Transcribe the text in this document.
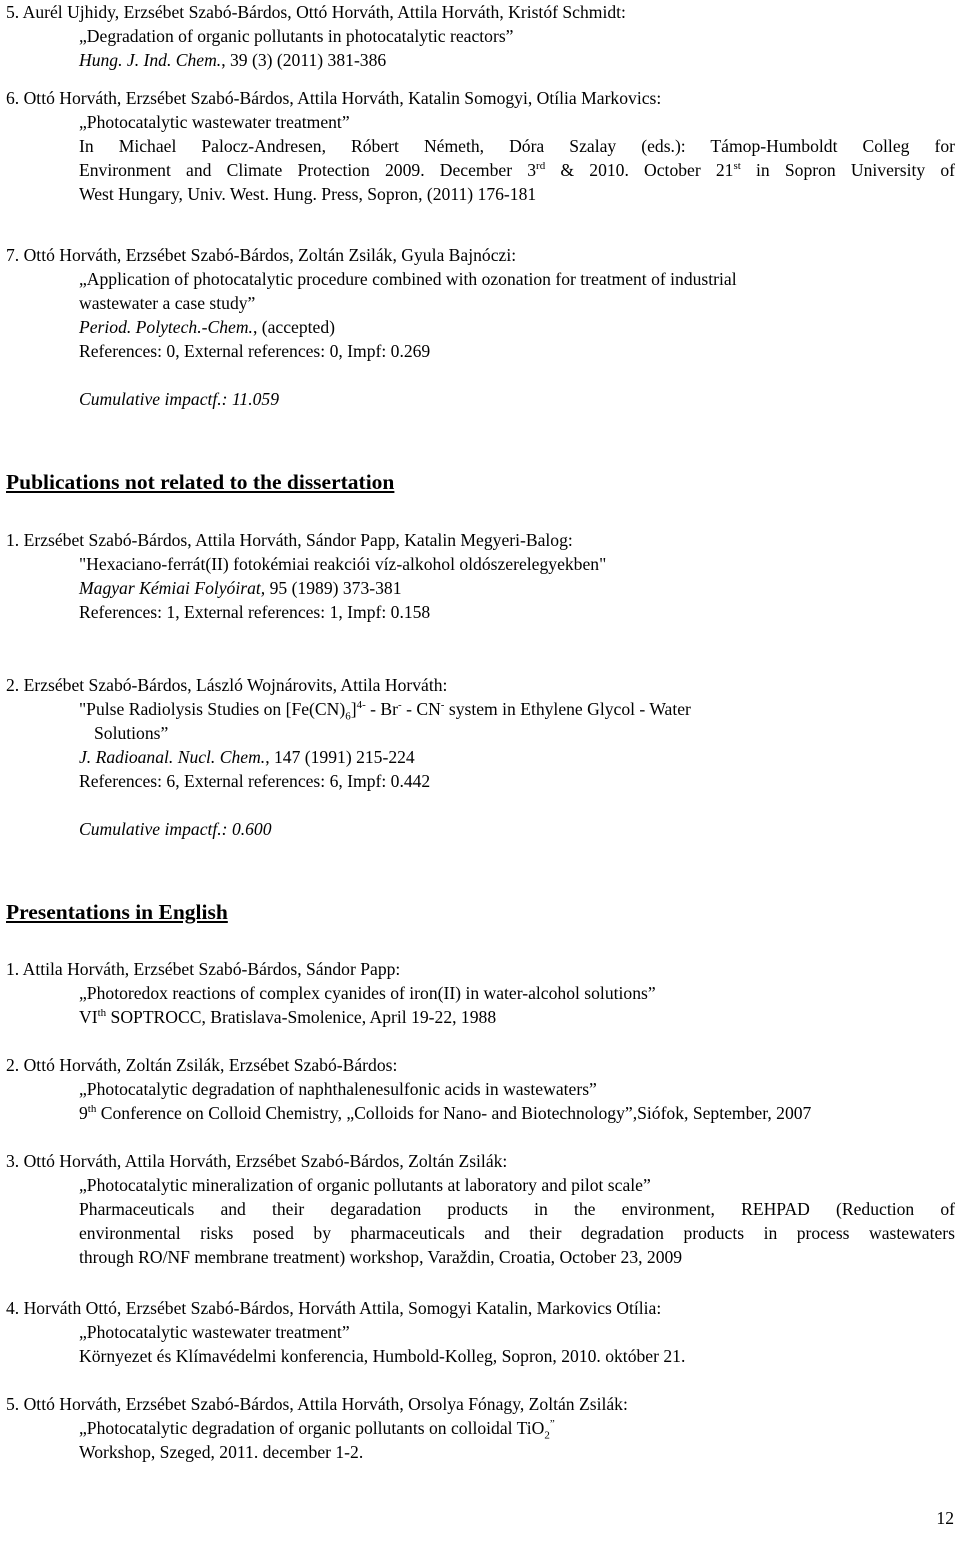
5. Aurél Ujhidy, Erzsébet Szabó-Bárdos, Ottó Horváth, Attila Horváth, Kristóf Schmidt:
„Degradation of organic pollutants in photocatalytic reactors”
Hung. J. Ind. Chem., 39 (3) (2011) 381-386
6. Ottó Horváth, Erzsébet Szabó-Bárdos, Attila Horváth, Katalin Somogyi, Otília Markovics:
„Photocatalytic wastewater treatment”
In Michael Palocz-Andresen, Róbert Németh, Dóra Szalay (eds.): Támop-Humboldt Colleg for
Environment and Climate Protection 2009. December 3rd & 2010. October 21st in Sopron University of
West Hungary, Univ. West. Hung. Press, Sopron, (2011) 176-181
7. Ottó Horváth, Erzsébet Szabó-Bárdos, Zoltán Zsilák, Gyula Bajnóczi:
„Application of photocatalytic procedure combined with ozonation for treatment of industrial
wastewater a case study”
Period. Polytech.-Chem., (accepted)
References: 0, External references: 0, Impf: 0.269
Cumulative impactf.: 11.059
Publications not related to the dissertation
1. Erzsébet Szabó-Bárdos, Attila Horváth, Sándor Papp, Katalin Megyeri-Balog:
"Hexaciano-ferrát(II) fotokémiai reakciói víz-alkohol oldószerelegyekben"
Magyar Kémiai Folyóirat, 95 (1989) 373-381
References: 1, External references: 1, Impf: 0.158
2. Erzsébet Szabó-Bárdos, László Wojnárovits, Attila Horváth:
"Pulse Radiolysis Studies on $[Fe(CN)_6]^{4-} - Br^- - CN^-$ system in Ethylene Glycol - Water
Solutions”
J. Radioanal. Nucl. Chem., 147 (1991) 215-224
References: 6, External references: 6, Impf: 0.442
Cumulative impactf.: 0.600
Presentations in English
1. Attila Horváth, Erzsébet Szabó-Bárdos, Sándor Papp:
„Photoredox reactions of complex cyanides of iron(II) in water-alcohol solutions”
VIth SOPTROCC, Bratislava-Smolenice, April 19-22, 1988
2. Ottó Horváth, Zoltán Zsilák, Erzsébet Szabó-Bárdos:
„Photocatalytic degradation of naphthalenesulfonic acids in wastewaters”
9th Conference on Colloid Chemistry, „Colloids for Nano- and Biotechnology”,Siófok, September, 2007
3. Ottó Horváth, Attila Horváth, Erzsébet Szabó-Bárdos, Zoltán Zsilák:
„Photocatalytic mineralization of organic pollutants at laboratory and pilot scale”
Pharmaceuticals and their degaradation products in the environment, REHPAD (Reduction of
environmental risks posed by pharmaceuticals and their degradation products in process wastewaters
through RO/NF membrane treatment) workshop, Varaždin, Croatia, October 23, 2009
4. Horváth Ottó, Erzsébet Szabó-Bárdos, Horváth Attila, Somogyi Katalin, Markovics Otília:
„Photocatalytic wastewater treatment”
Környezet és Klímavédelmi konferencia, Humbold-Kolleg, Sopron, 2010. október 21.
5. Ottó Horváth, Erzsébet Szabó-Bárdos, Attila Horváth, Orsolya Fónagy, Zoltán Zsilák:
„Photocatalytic degradation of organic pollutants on colloidal TiO$_2$”
Workshop, Szeged, 2011. december 1-2.
12
